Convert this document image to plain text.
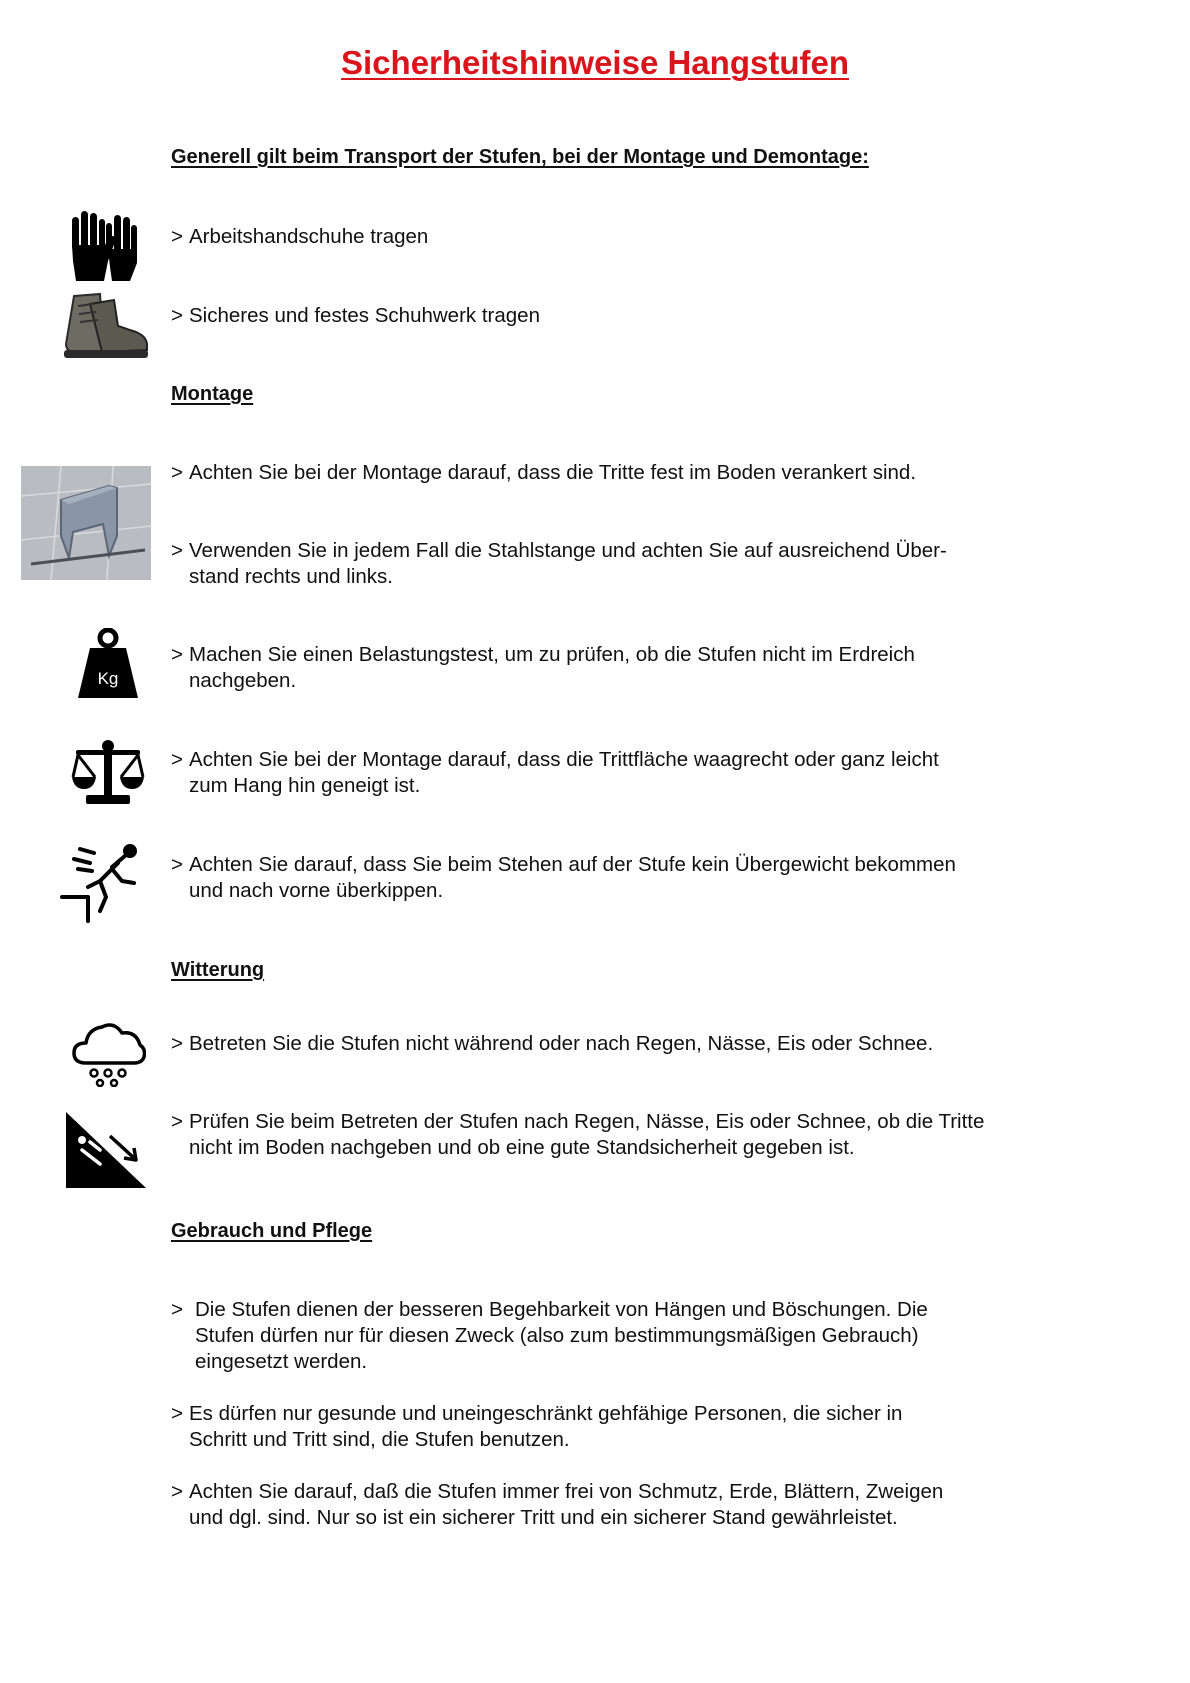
Sicherheitshinweise Hangstufen
Generell gilt beim Transport der Stufen, bei der Montage und Demontage:
> Arbeitshandschuhe tragen
> Sicheres und festes Schuhwerk tragen
Montage
> Achten Sie bei der Montage darauf, dass die Tritte fest im Boden verankert sind.
> Verwenden Sie in jedem Fall die Stahlstange und achten Sie auf ausreichend Über-
stand rechts und links.
Kg
> Machen Sie einen Belastungstest, um zu prüfen, ob die Stufen nicht im Erdreich
nachgeben.
> Achten Sie bei der Montage darauf, dass die Trittfläche waagrecht oder ganz leicht
zum Hang hin geneigt ist.
> Achten Sie darauf, dass Sie beim Stehen auf der Stufe kein Übergewicht bekommen
und nach vorne überkippen.
Witterung
> Betreten Sie die Stufen nicht während oder nach Regen, Nässe, Eis oder Schnee.
> Prüfen Sie beim Betreten der Stufen nach Regen, Nässe, Eis oder Schnee, ob die Tritte
nicht im Boden nachgeben und ob eine gute Standsicherheit gegeben ist.
Gebrauch und Pflege
> Die Stufen dienen der besseren Begehbarkeit von Hängen und Böschungen. Die
Stufen dürfen nur für diesen Zweck (also zum bestimmungsmäßigen Gebrauch)
eingesetzt werden.
> Es dürfen nur gesunde und uneingeschränkt gehfähige Personen, die sicher in
Schritt und Tritt sind, die Stufen benutzen.
> Achten Sie darauf, daß die Stufen immer frei von Schmutz, Erde, Blättern, Zweigen
und dgl. sind. Nur so ist ein sicherer Tritt und ein sicherer Stand gewährleistet.
